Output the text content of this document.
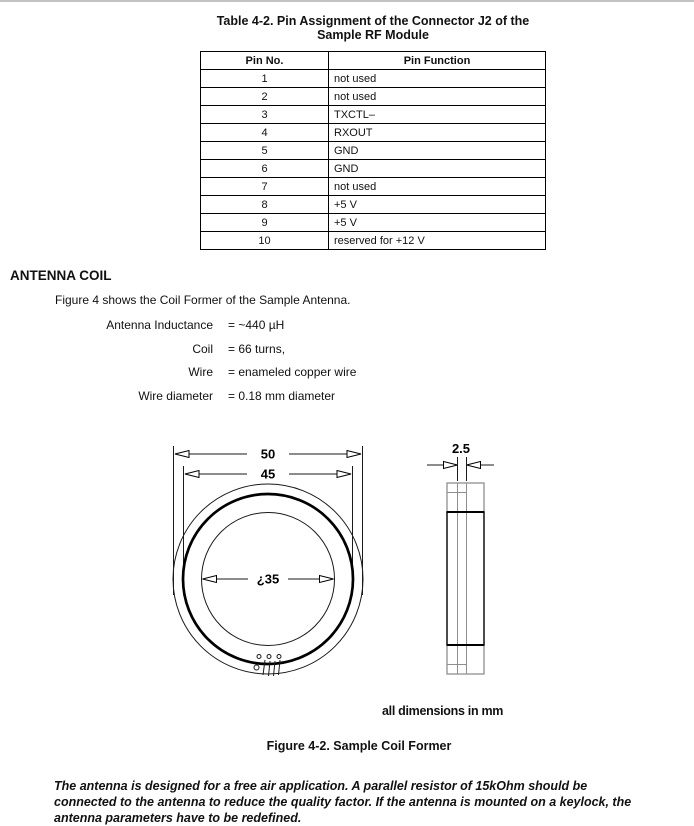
Table 4-2. Pin Assignment of the Connector J2 of the
Sample RF Module
Pin No.	Pin Function
1	not used
2	not used
3	TXCTL–
4	RXOUT
5	GND
6	GND
7	not used
8	+5 V
9	+5 V
10	reserved for +12 V
ANTENNA COIL
Figure 4 shows the Coil Former of the Sample Antenna.
Antenna Inductance = ~440 µH
Coil = 66 turns,
Wire = enameled copper wire
Wire diameter = 0.18 mm diameter
50
45
¿35
2.5
all dimensions in mm
Figure 4-2. Sample Coil Former
The antenna is designed for a free air application. A parallel resistor of 15kOhm should be
connected to the antenna to reduce the quality factor. If the antenna is mounted on a keylock, the
antenna parameters have to be redefined.
